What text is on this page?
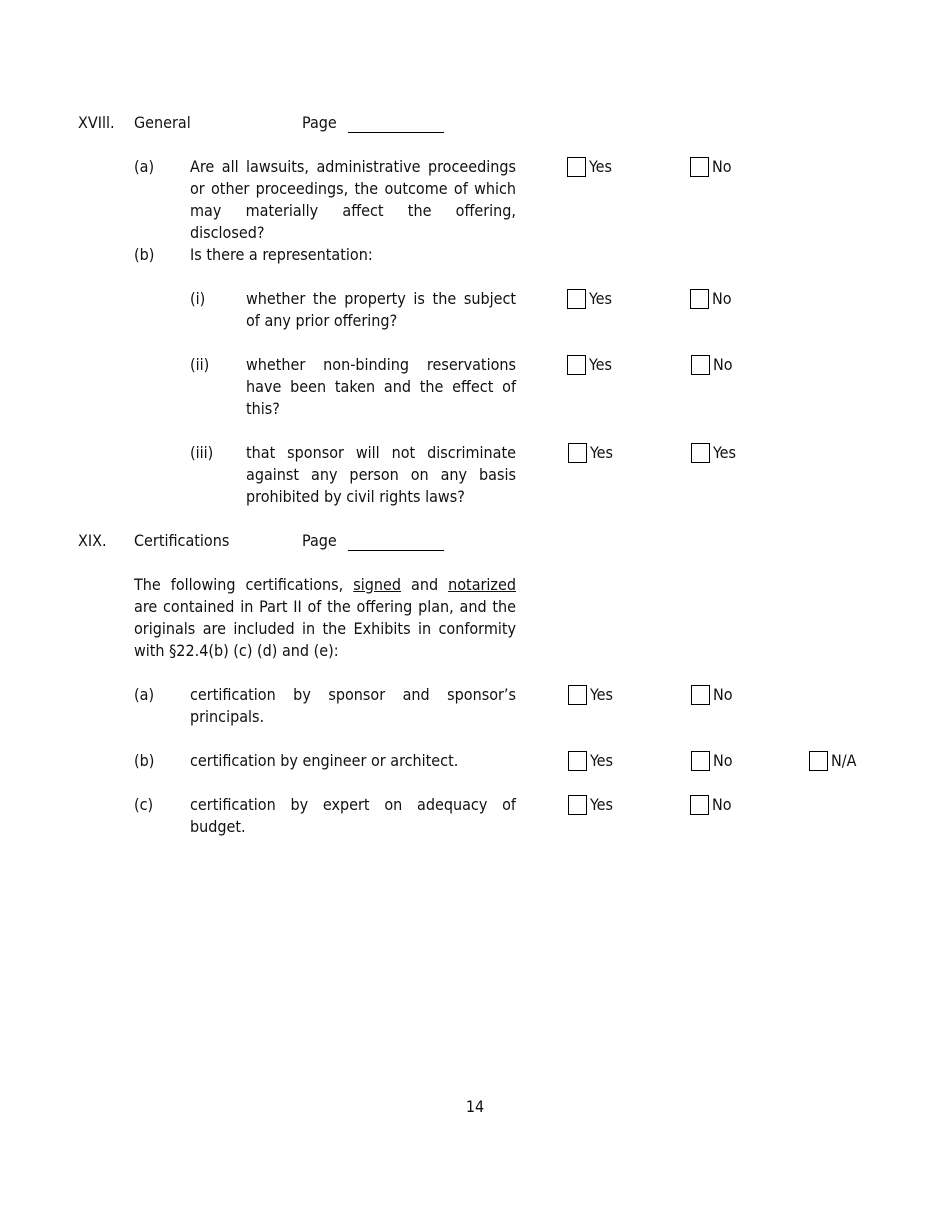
XVIll. General	Page
(a) Are all lawsuits, administrative proceedings or other proceedings, the outcome of which may materially affect the offering, disclosed?
Yes	No
(b) Is there a representation:
(i)	whether the property is the subject of any prior offering?
Yes	No
(ii) whether non-binding reservations have been taken and the effect of this?
Yes	No
(iii) that sponsor will not discriminate against any person on any basis prohibited by civil rights laws?
Yes	Yes
XIX. Certifications	Page
The following certifications, signed and notarized are contained in Part II of the offering plan, and the originals are included in the Exhibits in conformity with §22.4(b) (c) (d) and (e):
(a) certification by sponsor and sponsor’s principals.
Yes	No
(b) certification by engineer or architect.	Yes	No	N/A
(c) certification by expert on adequacy of budget.
Yes	No
14
